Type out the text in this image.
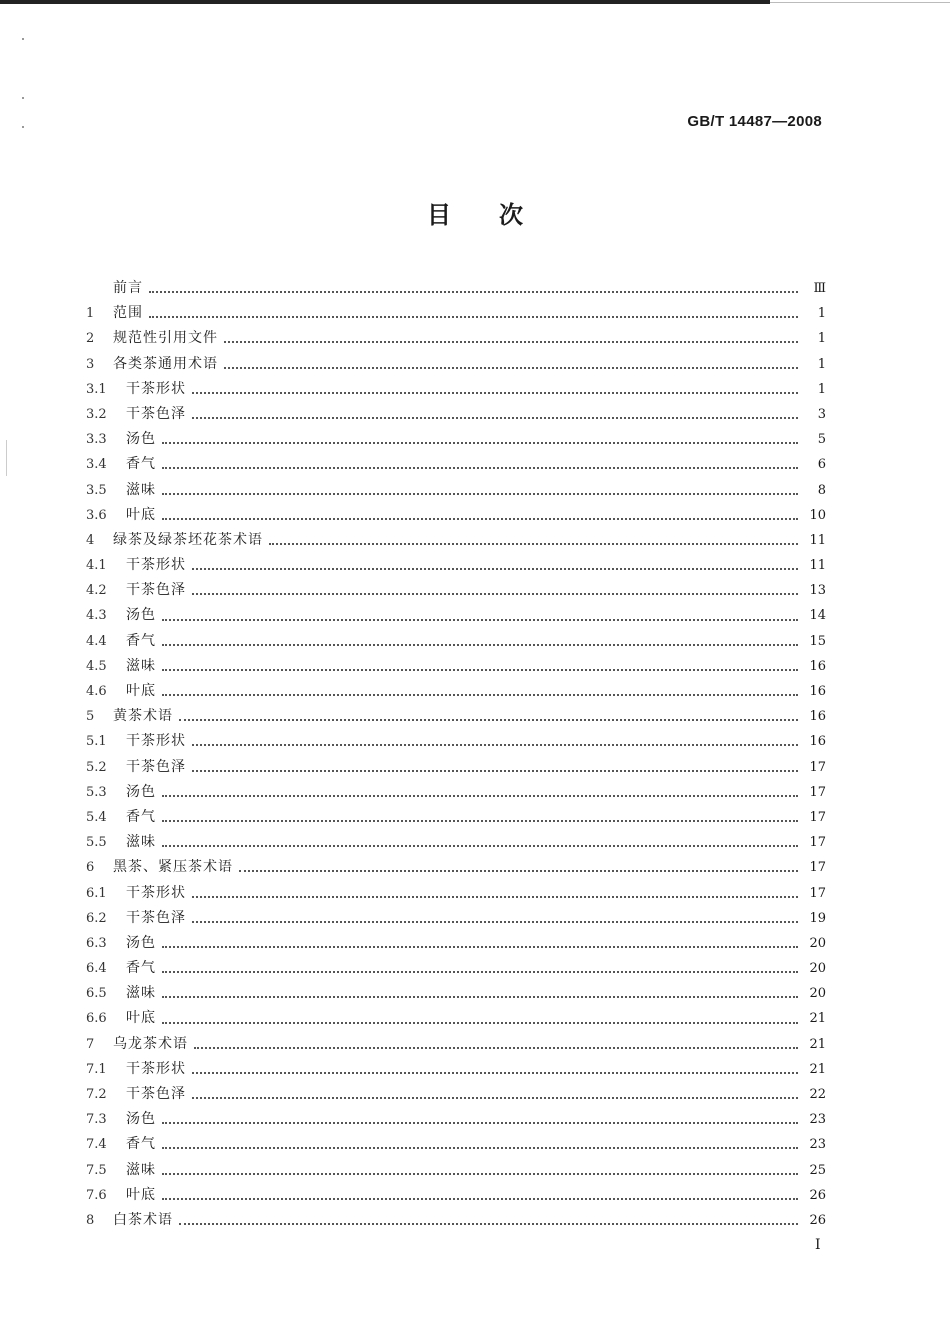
GB/T 14487—2008
目次
前言	Ⅲ
1	范围	1
2	规范性引用文件	1
3	各类茶通用术语	1
3.1	干茶形状	1
3.2	干茶色泽	3
3.3	汤色	5
3.4	香气	6
3.5	滋味	8
3.6	叶底	10
4	绿茶及绿茶坯花茶术语	11
4.1	干茶形状	11
4.2	干茶色泽	13
4.3	汤色	14
4.4	香气	15
4.5	滋味	16
4.6	叶底	16
5	黄茶术语	16
5.1	干茶形状	16
5.2	干茶色泽	17
5.3	汤色	17
5.4	香气	17
5.5	滋味	17
6	黑茶、紧压茶术语	17
6.1	干茶形状	17
6.2	干茶色泽	19
6.3	汤色	20
6.4	香气	20
6.5	滋味	20
6.6	叶底	21
7	乌龙茶术语	21
7.1	干茶形状	21
7.2	干茶色泽	22
7.3	汤色	23
7.4	香气	23
7.5	滋味	25
7.6	叶底	26
8	白茶术语	26
I
